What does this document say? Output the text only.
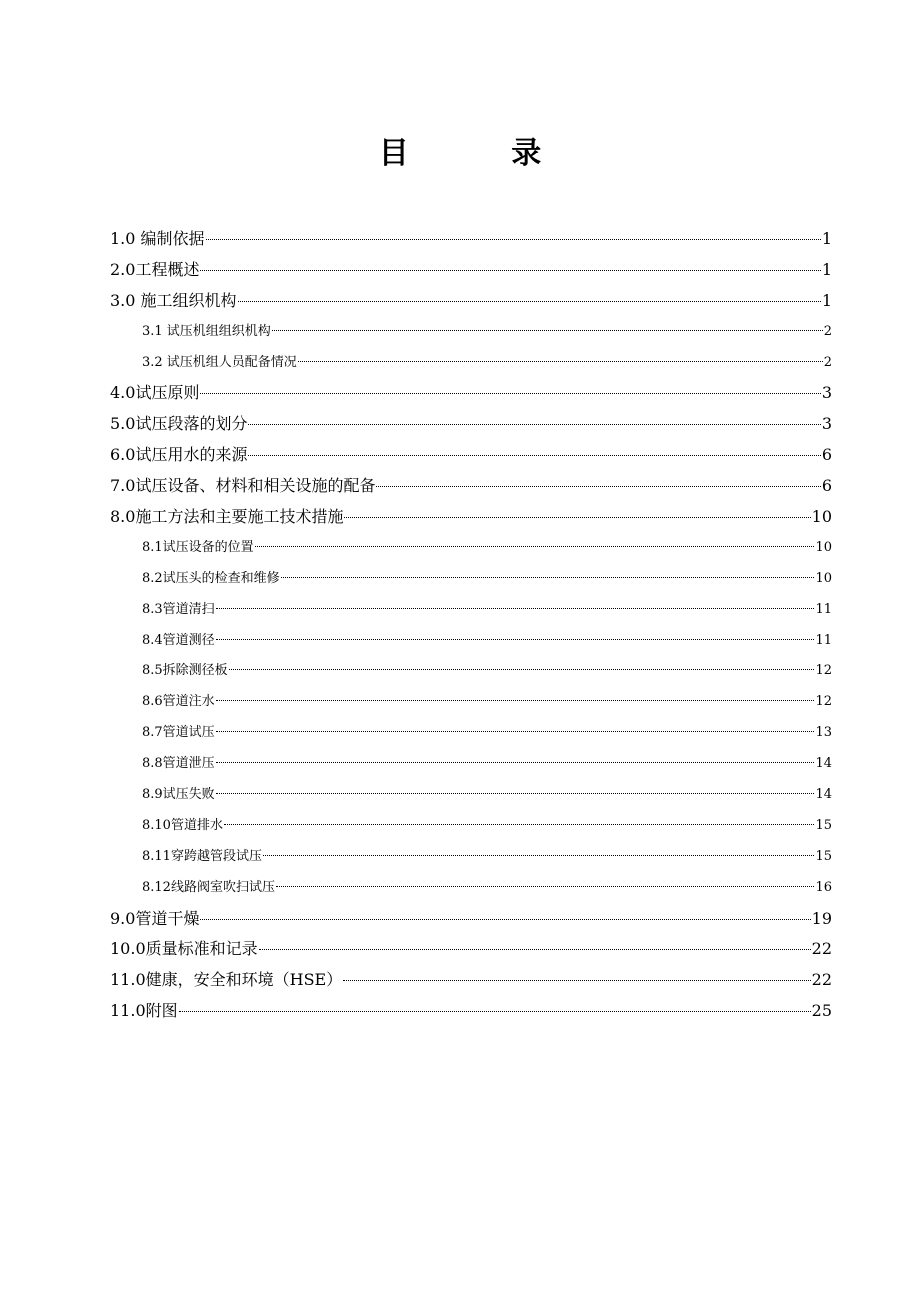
目 录
1.0 编制依据	1
2.0工程概述	1
3.0 施工组织机构	1
3.1 试压机组组织机构	2
3.2 试压机组人员配备情况	2
4.0试压原则	3
5.0试压段落的划分	3
6.0试压用水的来源	6
7.0试压设备、材料和相关设施的配备	6
8.0施工方法和主要施工技术措施	10
8.1试压设备的位置	10
8.2试压头的检查和维修	10
8.3管道清扫	11
8.4管道测径	11
8.5拆除测径板	12
8.6管道注水	12
8.7管道试压	13
8.8管道泄压	14
8.9试压失败	14
8.10管道排水	15
8.11穿跨越管段试压	15
8.12线路阀室吹扫试压	16
9.0管道干燥	19
10.0质量标准和记录	22
11.0健康，安全和环境（HSE）	22
11.0附图	25
